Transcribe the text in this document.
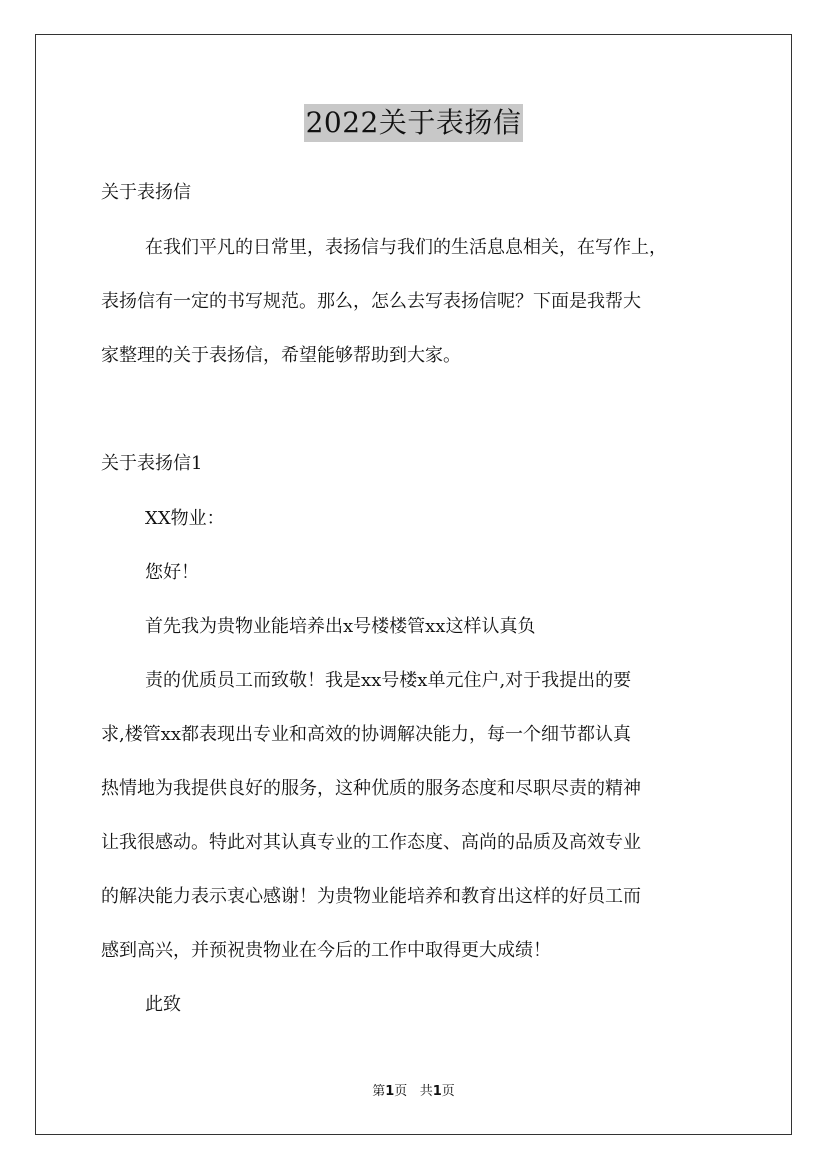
2022关于表扬信
关于表扬信
在我们平凡的日常里，表扬信与我们的生活息息相关，在写作上，
表扬信有一定的书写规范。那么，怎么去写表扬信呢？下面是我帮大
家整理的关于表扬信，希望能够帮助到大家。
关于表扬信1
XX物业：
您好！
首先我为贵物业能培养出x号楼楼管xx这样认真负
责的优质员工而致敬！我是xx号楼x单元住户,对于我提出的要
求,楼管xx都表现出专业和高效的协调解决能力，每一个细节都认真
热情地为我提供良好的服务，这种优质的服务态度和尽职尽责的精神
让我很感动。特此对其认真专业的工作态度、高尚的品质及高效专业
的解决能力表示衷心感谢！为贵物业能培养和教育出这样的好员工而
感到高兴，并预祝贵物业在今后的工作中取得更大成绩！
此致
第1页 共1页
